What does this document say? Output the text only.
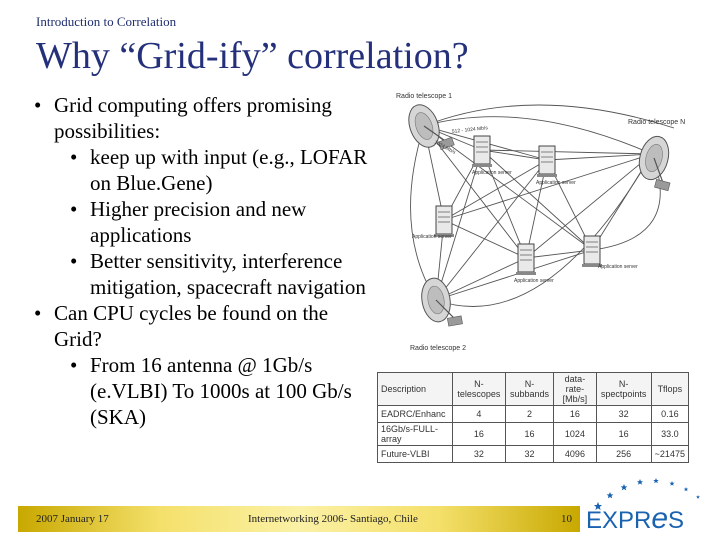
Introduction to Correlation
Why “Grid-ify” correlation?

• Grid computing offers promising possibilities:

• keep up with input (e.g., LOFAR on Blue.Gene)

• Higher precision and new applications

• Better sensitivity, interference mitigation, spacecraft navigation

• Can CPU cycles be found on the Grid?

• From 16 antenna @ 1Gb/s (e.VLBI) To 1000s at 100 Gb/s (SKA)

Radio telescope 1
Radio telescope N
Radio telescope 2
512 - 1024 Mb/s
1024 Mb/s
Application server
Application server
Application server
Application server
Application server
Description	N-telescopes	N-subbands	data-rate-[Mb/s]	N-spectpoints	Tflops
EADRC/Enhanc	4	2	16	32	0.16
16Gb/s-FULL-array	16	16	1024	16	33.0
Future-VLBI	32	32	4096	256	~21475
2007 January 17	Internetworking 2006- Santiago, Chile	10 EXPReS
